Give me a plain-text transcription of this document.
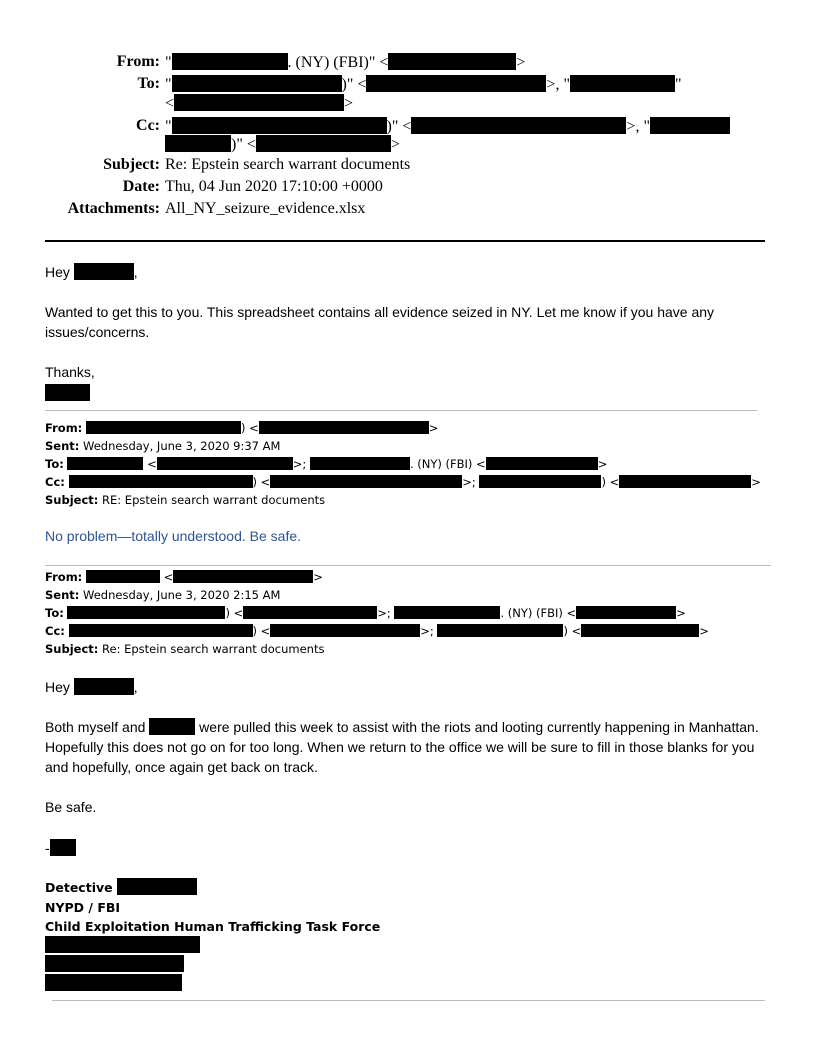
From: "	. (NY) (FBI)" <	>
To: "	)" <	>, "	"
<	>
Cc: "	)" <	>, "
)" <	>
Subject: Re: Epstein search warrant documents
Date: Thu, 04 Jun 2020 17:10:00 +0000
Attachments: All_NY_seizure_evidence.xlsx
Hey	,
Wanted to get this to you. This spreadsheet contains all evidence seized in NY. Let me know if you have any issues/concerns.
Thanks,
From:	) <	>
Sent: Wednesday, June 3, 2020 9:37 AM
To:	<	>;	. (NY) (FBI) <	>
Cc:	) <	>;	) <	>
Subject: RE: Epstein search warrant documents
No problem—totally understood. Be safe.
From:	<	>
Sent: Wednesday, June 3, 2020 2:15 AM
To:	) <	>;	. (NY) (FBI) <	>
Cc:	) <	>;	) <	>
Subject: Re: Epstein search warrant documents
Hey	,
Both myself and	were pulled this week to assist with the riots and looting currently happening in Manhattan. Hopefully this does not go on for too long. When we return to the office we will be sure to fill in those blanks for you and hopefully, once again get back on track.
Be safe.
-
Detective
NYPD / FBI
Child Exploitation Human Trafficking Task Force
